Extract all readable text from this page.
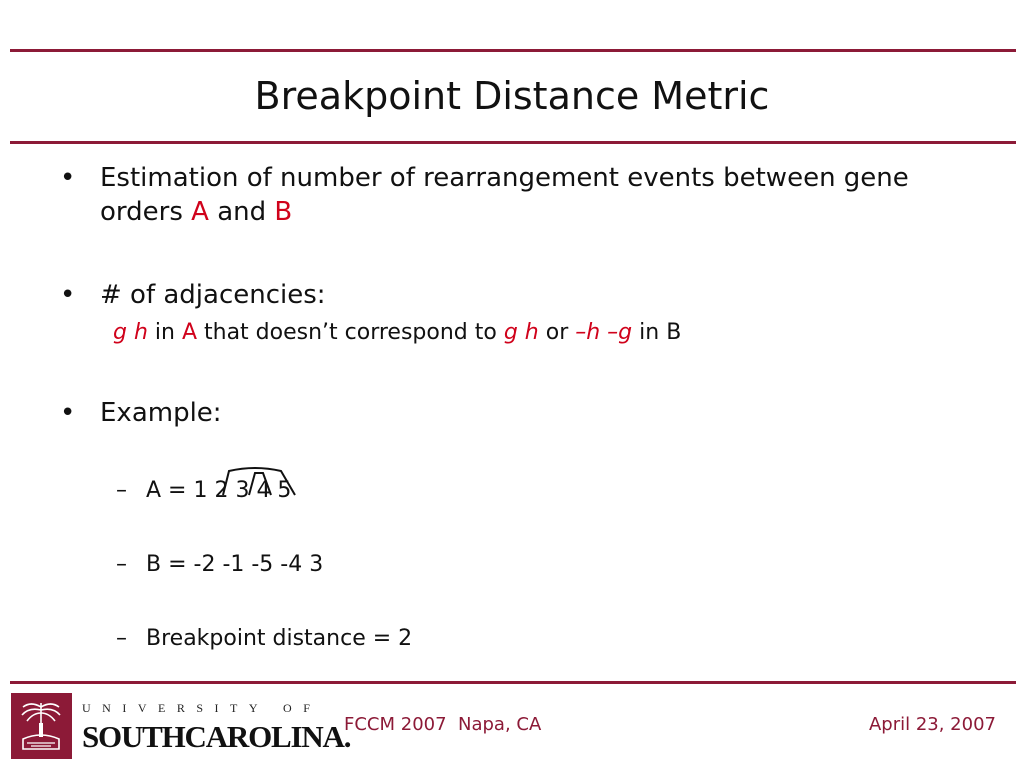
Breakpoint Distance Metric
• Estimation of number of rearrangement events between gene orders A and B
• # of adjacencies:
g h in A that doesn’t correspond to g h or –h –g in B
• Example:
– A = 1 2 3 4 5
– B = -2 -1 -5 -4 3
– Breakpoint distance = 2
UNIVERSITY OF
SOUTHCAROLINA.
FCCM 2007  Napa, CA	April 23, 2007
